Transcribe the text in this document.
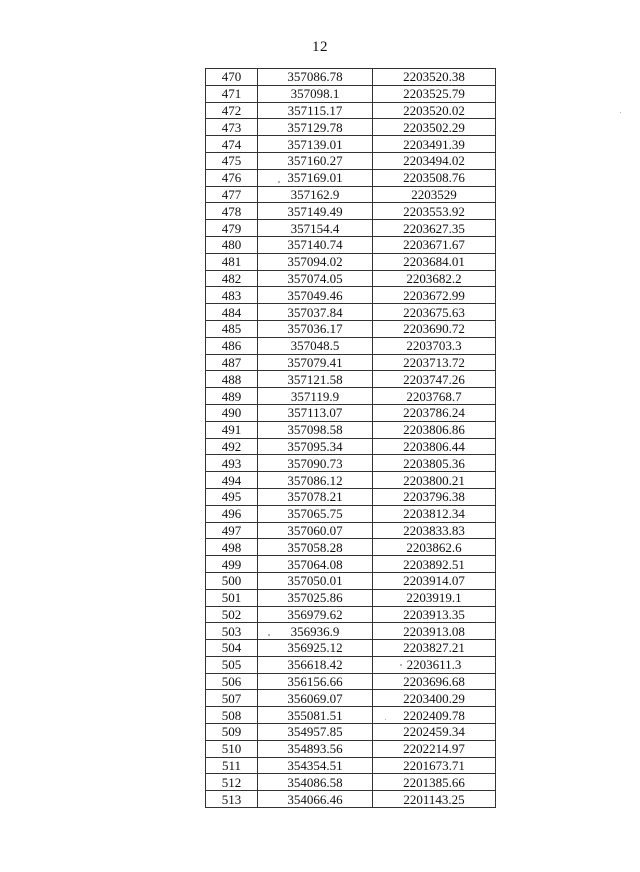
12
470	357086.78	2203520.38
471	357098.1	2203525.79
472	357115.17	2203520.02
473	357129.78	2203502.29
474	357139.01	2203491.39
475	357160.27	2203494.02
476	357169.01	2203508.76
477	357162.9	2203529
478	357149.49	2203553.92
479	357154.4	2203627.35
480	357140.74	2203671.67
481	357094.02	2203684.01
482	357074.05	2203682.2
483	357049.46	2203672.99
484	357037.84	2203675.63
485	357036.17	2203690.72
486	357048.5	2203703.3
487	357079.41	2203713.72
488	357121.58	2203747.26
489	357119.9	2203768.7
490	357113.07	2203786.24
491	357098.58	2203806.86
492	357095.34	2203806.44
493	357090.73	2203805.36
494	357086.12	2203800.21
495	357078.21	2203796.38
496	357065.75	2203812.34
497	357060.07	2203833.83
498	357058.28	2203862.6
499	357064.08	2203892.51
500	357050.01	2203914.07
501	357025.86	2203919.1
502	356979.62	2203913.35
503	356936.9	2203913.08
504	356925.12	2203827.21
505	356618.42	2203611.3
506	356156.66	2203696.68
507	356069.07	2203400.29
508	355081.51	2202409.78
509	354957.85	2202459.34
510	354893.56	2202214.97
511	354354.51	2201673.71
512	354086.58	2201385.66
513	354066.46	2201143.25
